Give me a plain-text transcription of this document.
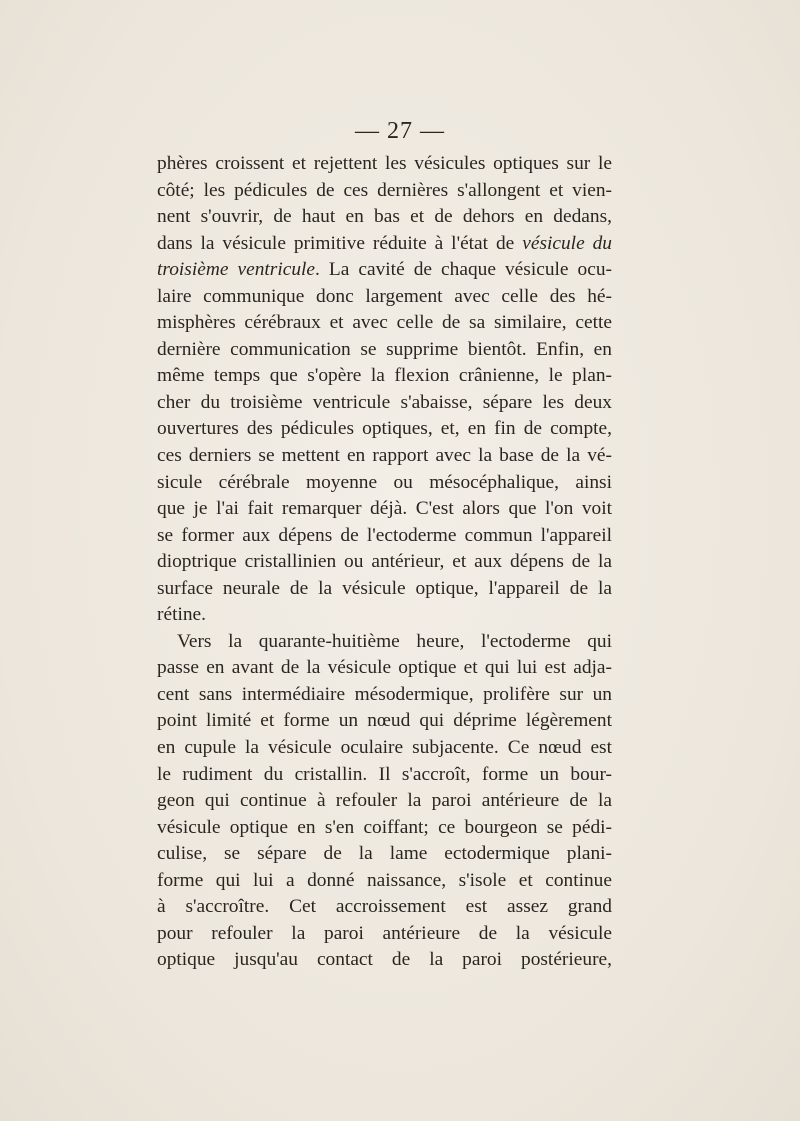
— 27 —
phères croissent et rejettent les vésicules optiques sur le
côté; les pédicules de ces dernières s'allongent et vien-
nent s'ouvrir, de haut en bas et de dehors en dedans,
dans la vésicule primitive réduite à l'état de vésicule du
troisième ventricule. La cavité de chaque vésicule ocu-
laire communique donc largement avec celle des hé-
misphères cérébraux et avec celle de sa similaire, cette
dernière communication se supprime bientôt. Enfin, en
même temps que s'opère la flexion crânienne, le plan-
cher du troisième ventricule s'abaisse, sépare les deux
ouvertures des pédicules optiques, et, en fin de compte,
ces derniers se mettent en rapport avec la base de la vé-
sicule cérébrale moyenne ou mésocéphalique, ainsi
que je l'ai fait remarquer déjà. C'est alors que l'on voit
se former aux dépens de l'ectoderme commun l'appareil
dioptrique cristallinien ou antérieur, et aux dépens de la
surface neurale de la vésicule optique, l'appareil de la
rétine.
Vers la quarante-huitième heure, l'ectoderme qui
passe en avant de la vésicule optique et qui lui est adja-
cent sans intermédiaire mésodermique, prolifère sur un
point limité et forme un nœud qui déprime légèrement
en cupule la vésicule oculaire subjacente. Ce nœud est
le rudiment du cristallin. Il s'accroît, forme un bour-
geon qui continue à refouler la paroi antérieure de la
vésicule optique en s'en coiffant; ce bourgeon se pédi-
culise, se sépare de la lame ectodermique plani-
forme qui lui a donné naissance, s'isole et continue
à s'accroître. Cet accroissement est assez grand
pour refouler la paroi antérieure de la vésicule
optique jusqu'au contact de la paroi postérieure,
